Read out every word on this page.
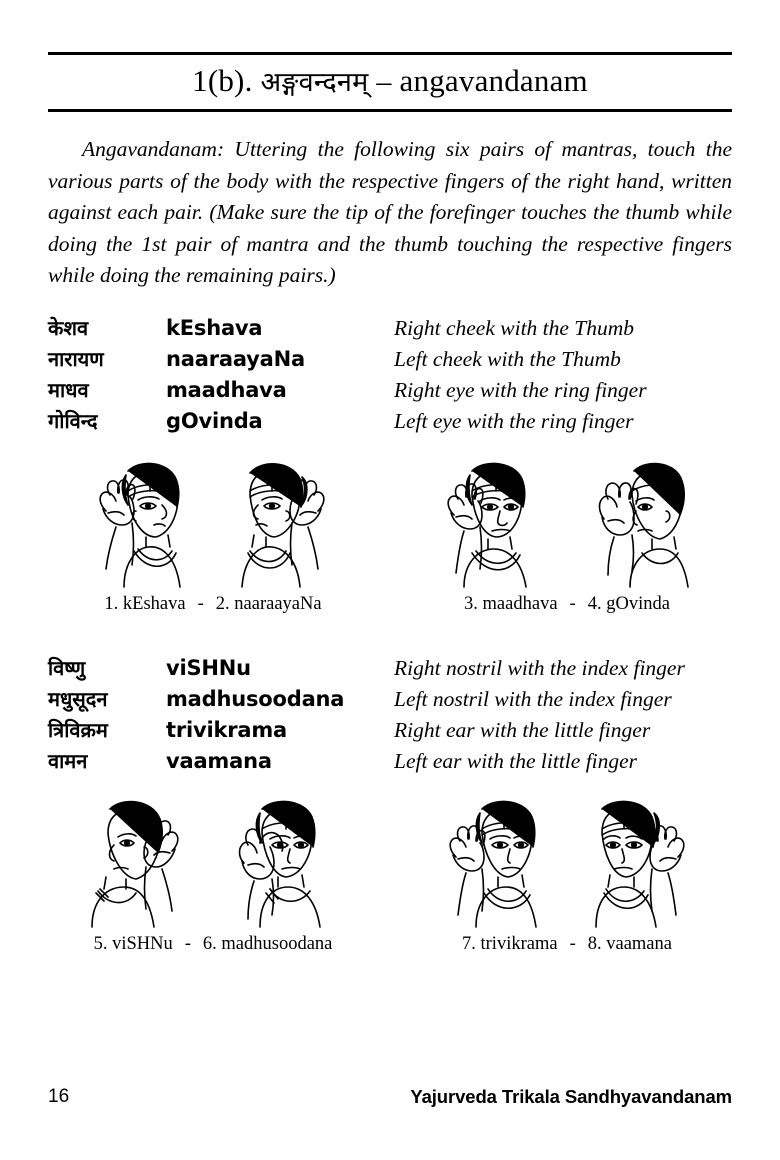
1(b). अङ्गवन्दनम् – angavandanam

Angavandanam: Uttering the following six pairs of mantras, touch the various parts of the body with the respective fingers of the right hand, written against each pair. (Make sure the tip of the forefinger touches the thumb while doing the 1st pair of mantra and the thumb touching the respective fingers while doing the remaining pairs.)

केशव	kEshava	Right cheek with the Thumb
नारायण	naaraayaNa	Left cheek with the Thumb
माधव	maadhava	Right eye with the ring finger
गोविन्द	gOvinda	Left eye with the ring finger
1. kEshava - 2. naaraayaNa	3. maadhava - 4. gOvinda
विष्णु	viSHNu	Right nostril with the index finger
मधुसूदन	madhusoodana	Left nostril with the index finger
त्रिविक्रम	trivikrama	Right ear with the little finger
वामन	vaamana	Left ear with the little finger
5. viSHNu - 6. madhusoodana	7. trivikrama - 8. vaamana
16	Yajurveda Trikala Sandhyavandanam
